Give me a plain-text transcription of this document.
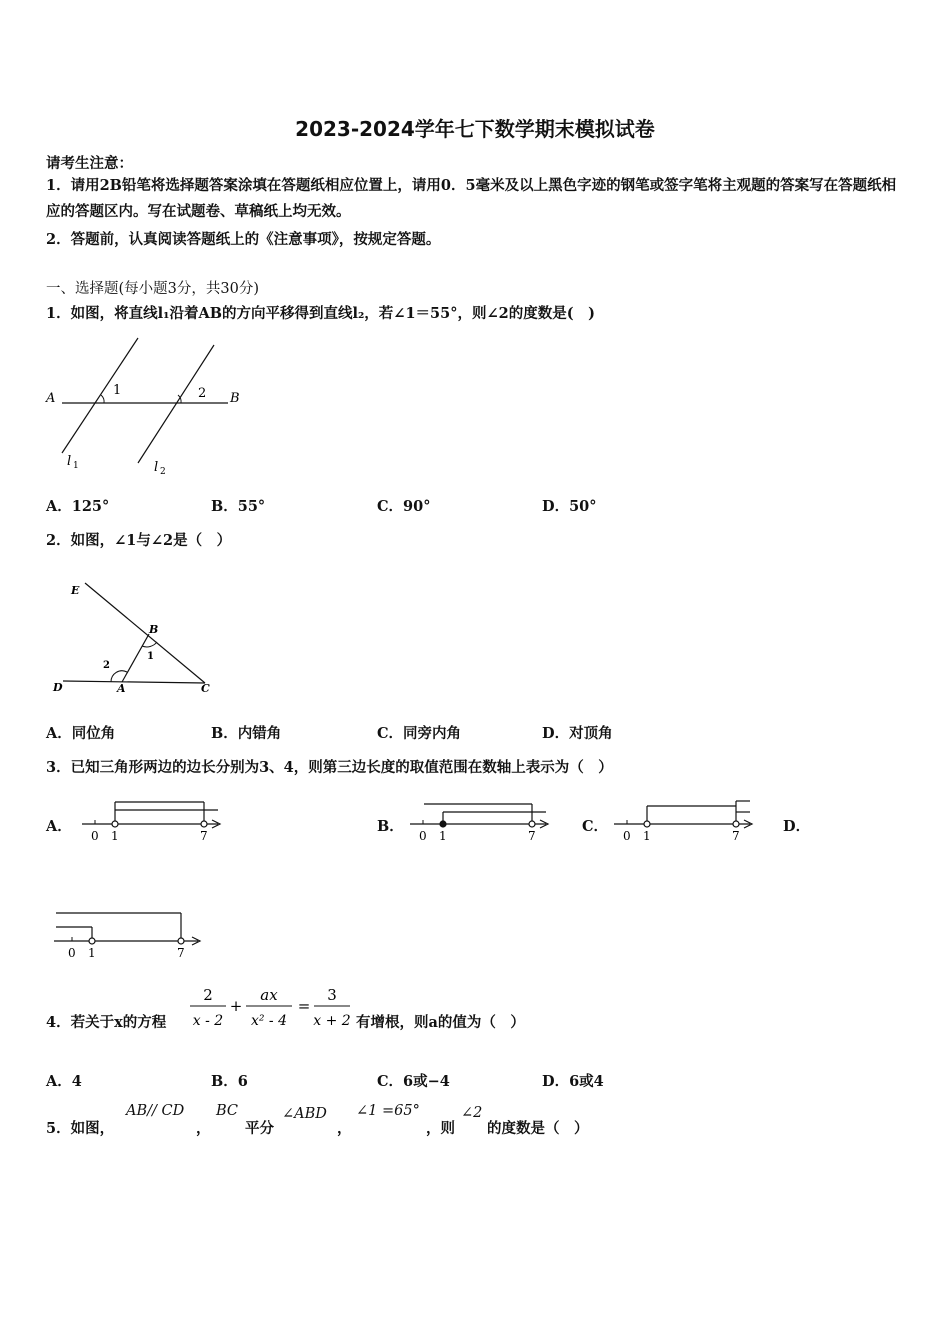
2023-2024学年七下数学期末模拟试卷
请考生注意：
1．请用2B铅笔将选择题答案涂填在答题纸相应位置上，请用0．5毫米及以上黑色字迹的钢笔或签字笔将主观题的答案写在答题纸相应的答题区内。写在试题卷、草稿纸上均无效。
2．答题前，认真阅读答题纸上的《注意事项》，按规定答题。
一、选择题(每小题3分，共30分)
1．如图，将直线l₁沿着AB的方向平移得到直线l₂，若∠1＝55°，则∠2的度数是(　)
A	B
1	2
l 1	l 2
A．125°	B．55°	C．90°	D．50°
2．如图，∠1与∠2是（　）
E
B
D	A	C
1
2
A．同位角	B．内错角	C．同旁内角	D．对顶角
3．已知三角形两边的边长分别为3、4，则第三边长度的取值范围在数轴上表示为（　）
A．
0 1	7
B．
0 1	7
C．
0 1	7
D．
0 1	7
4．若关于x的方程
2
x - 2
+
ax
x² - 4
=
3
x + 2 有增根，则a的值为（　）
A．4	B．6	C．6或−4	D．6或4
5．如图，
AB// CD
，
BC
平分
∠ABD
，
∠1 =65°
，则
∠2
的度数是（　）
